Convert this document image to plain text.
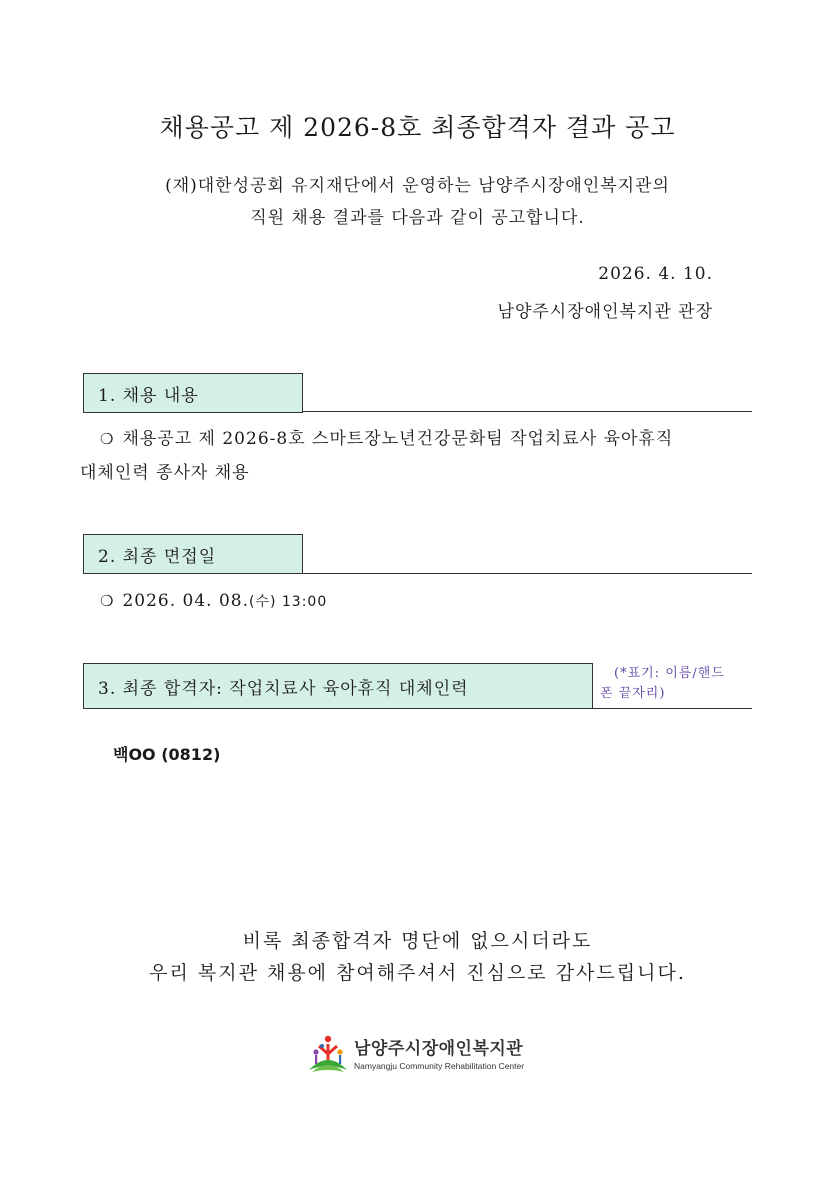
채용공고 제 2026-8호 최종합격자 결과 공고
(재)대한성공회 유지재단에서 운영하는 남양주시장애인복지관의
직원 채용 결과를 다음과 같이 공고합니다.
2026. 4. 10.
남양주시장애인복지관 관장
1. 채용 내용
❍ 채용공고 제 2026-8호 스마트장노년건강문화팀 작업치료사 육아휴직
대체인력 종사자 채용
2. 최종 면접일
❍ 2026. 04. 08.(수) 13:00
3. 최종 합격자: 작업치료사 육아휴직 대체인력
(*표기: 이름/핸드
폰 끝자리)
백OO (0812)
비록 최종합격자 명단에 없으시더라도
우리 복지관 채용에 참여해주셔서 진심으로 감사드립니다.
남양주시장애인복지관
Namyangju Community Rehabilitation Center
